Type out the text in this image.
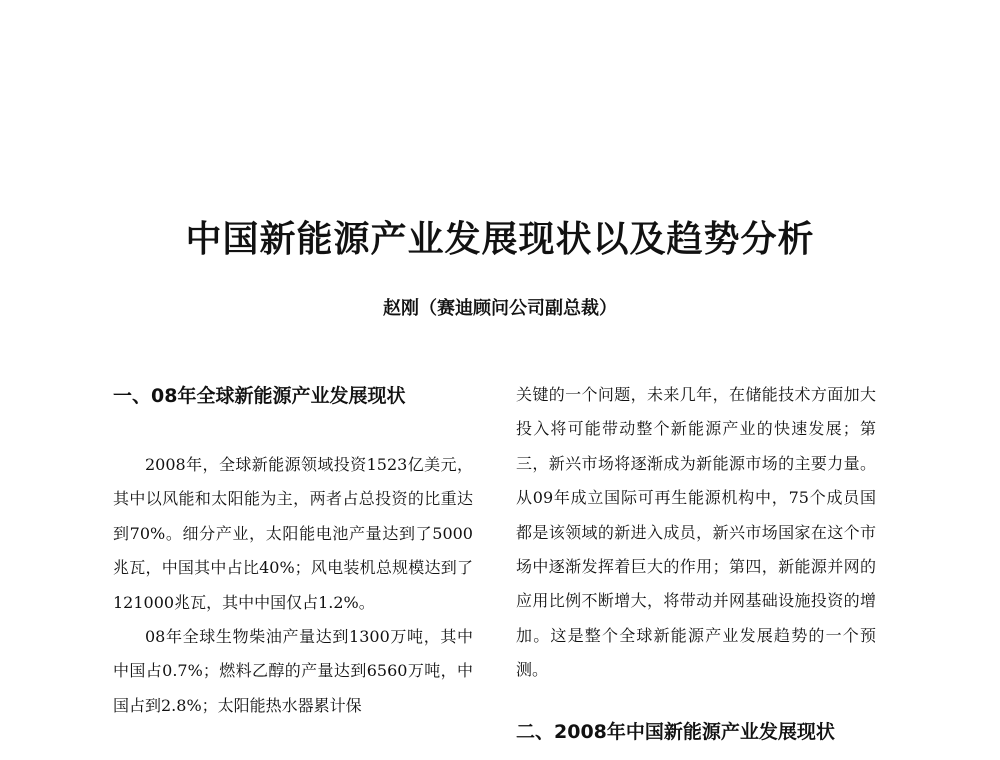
中国新能源产业发展现状以及趋势分析
赵刚（赛迪顾问公司副总裁）
一、08年全球新能源产业发展现状

2008年，全球新能源领域投资1523亿美元，其中以风能和太阳能为主，两者占总投资的比重达到70%。细分产业，太阳能电池产量达到了5000兆瓦，中国其中占比40%；风电装机总规模达到了121000兆瓦，其中中国仅占1.2%。

08年全球生物柴油产量达到1300万吨，其中中国占0.7%；燃料乙醇的产量达到6560万吨，中国占到2.8%；太阳能热水器累计保

关键的一个问题，未来几年，在储能技术方面加大投入将可能带动整个新能源产业的快速发展；第三，新兴市场将逐渐成为新能源市场的主要力量。从09年成立国际可再生能源机构中，75个成员国都是该领域的新进入成员，新兴市场国家在这个市场中逐渐发挥着巨大的作用；第四，新能源并网的应用比例不断增大，将带动并网基础设施投资的增加。这是整个全球新能源产业发展趋势的一个预测。

二、2008年中国新能源产业发展现状
